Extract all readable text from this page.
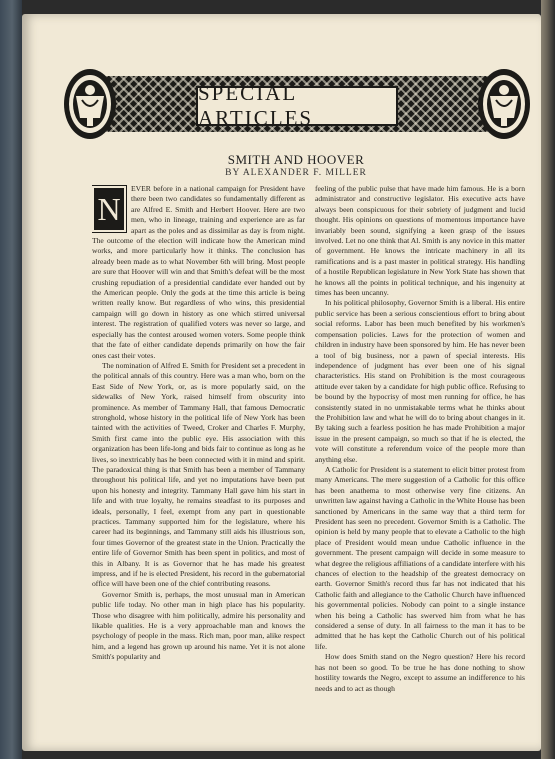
SPECIAL ARTICLES
SMITH AND HOOVER
BY ALEXANDER F. MILLER
N

EVER before in a national campaign for President have there been two candidates so fundamentally different as are Alfred E. Smith and Herbert Hoover. Here are two men, who in lineage, training and experience are as far apart as the poles and as dissimilar as day is from night. The outcome of the election will indicate how the American mind works, and more particularly how it thinks. The conclusion has already been made as to what November 6th will bring. Most people are sure that Hoover will win and that Smith's defeat will be the most crushing repudiation of a presidential candidate ever handed out by the American people. Only the gods at the time this article is being written really know. But regardless of who wins, this presidential campaign will go down in history as one which stirred universal interest. The registration of qualified voters was never so large, and especially has the contest aroused women voters. Some people think that the fate of either candidate depends primarily on how the fair ones cast their votes.

The nomination of Alfred E. Smith for President set a precedent in the political annals of this country. Here was a man who, born on the East Side of New York, or, as is more popularly said, on the sidewalks of New York, raised himself from obscurity into prominence. As member of Tammany Hall, that famous Democratic stronghold, whose history in the political life of New York has been tainted with the activities of Tweed, Croker and Charles F. Murphy, Smith first came into the public eye. His association with this organization has been life-long and bids fair to continue as long as he lives, so inextricably has he been connected with it in mind and spirit. The paradoxical thing is that Smith has been a member of Tammany throughout his political life, and yet no imputations have been put upon his honesty and integrity. Tammany Hall gave him his start in life and with true loyalty, he remains steadfast to its purposes and ideals, personally, I feel, exempt from any part in questionable practices. Tammany supported him for the legislature, where his career had its beginnings, and Tammany still aids his illustrious son, four times Governor of the greatest state in the Union. Practically the entire life of Governor Smith has been spent in politics, and most of this in Albany. It is as Governor that he has made his greatest impress, and if he is elected President, his record in the gubernatorial office will have been one of the chief contributing reasons.

Governor Smith is, perhaps, the most unusual man in American public life today. No other man in high place has his popularity. Those who disagree with him politically, admire his personality and likable qualities. He is a very approachable man and knows the psychology of people in the mass. Rich man, poor man, alike respect him, and a legend has grown up around his name. Yet it is not alone Smith's popularity and

feeling of the public pulse that have made him famous. He is a born administrator and constructive legislator. His executive acts have always been conspicuous for their sobriety of judgment and lucid thought. His opinions on questions of momentous importance have invariably been sound, signifying a keen grasp of the issues involved. Let no one think that Al. Smith is any novice in this matter of government. He knows the intricate machinery in all its ramifications and is a past master in political strategy. His handling of a hostile Republican legislature in New York State has shown that he knows all the points in political technique, and his ingenuity at times has been uncanny.

In his political philosophy, Governor Smith is a liberal. His entire public service has been a serious conscientious effort to bring about social reforms. Labor has been much benefited by his workmen's compensation policies. Laws for the protection of women and children in industry have been sponsored by him. He has never been a tool of big business, nor a pawn of special interests. His independence of judgment has ever been one of his signal characteristics. His stand on Prohibition is the most courageous attitude ever taken by a candidate for high public office. Refusing to be bound by the hypocrisy of most men running for office, he has consistently stated in no unmistakable terms what he thinks about the Prohibition law and what he will do to bring about changes in it. By taking such a fearless position he has made Prohibition a major issue in the present campaign, so much so that if he is elected, the vote will constitute a referendum voice of the people more than anything else.

A Catholic for President is a statement to elicit bitter protest from many Americans. The mere suggestion of a Catholic for this office has been anathema to most otherwise very fine citizens. An unwritten law against having a Catholic in the White House has been sanctioned by Americans in the same way that a third term for President has seen no precedent. Governor Smith is a Catholic. The opinion is held by many people that to elevate a Catholic to the high place of President would mean undue Catholic influence in the government. The present campaign will decide in some measure to what degree the religious affiliations of a candidate interfere with his chances of election to the headship of the greatest democracy on earth. Governor Smith's record thus far has not indicated that his Catholic faith and allegiance to the Catholic Church have influenced his governmental policies. Nobody can point to a single instance when his being a Catholic has swerved him from what he has considered a sense of duty. In all fairness to the man it has to be admitted that he has kept the Catholic Church out of his political life.

How does Smith stand on the Negro question? Here his record has not been so good. To be true he has done nothing to show hostility towards the Negro, except to assume an indifference to his needs and to act as though
